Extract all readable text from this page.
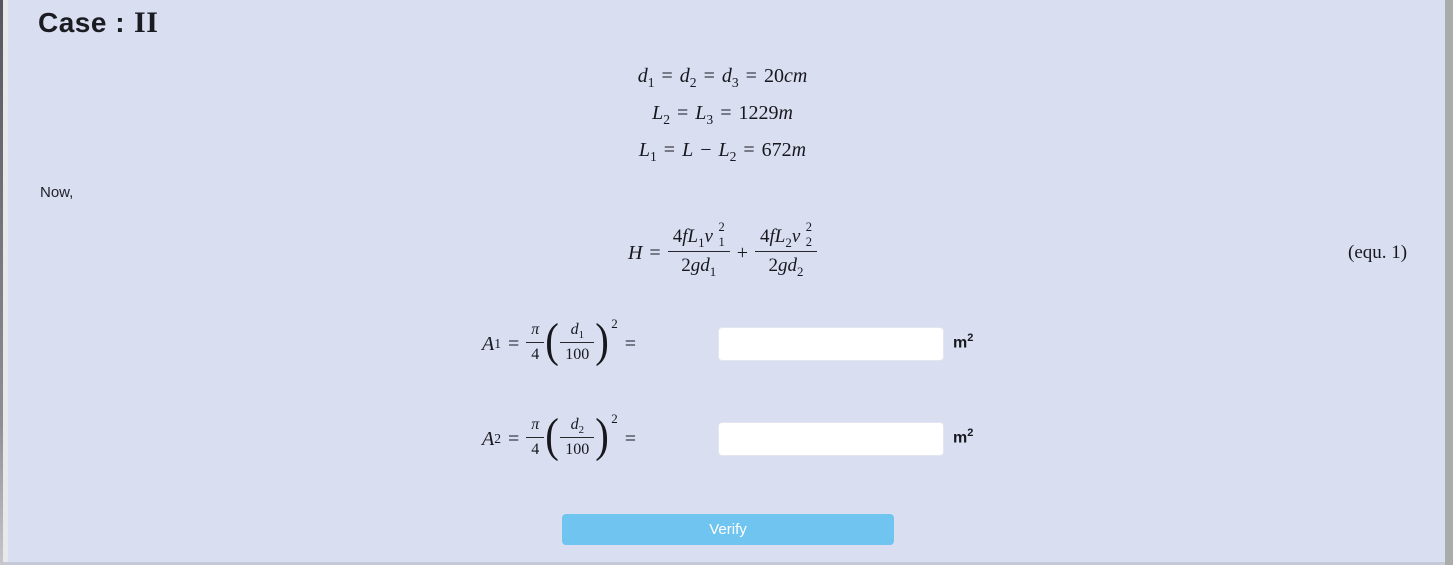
Case : II
$d_1 = d_2 = d_3 = 20cm$
$L_2 = L_3 = 1229m$
$L_1 = L - L_2 = 672m$
Now,
$H = 4fL_1v$ 2
1
$2gd_1 + 4fL_2v$ 2
2
$2gd_2$	(equ. 1)
A $1 = \frac{\pi}{4}$ ( $\frac{d_1}{100}$ ) 2
=	$m^2$
A $2 = \frac{\pi}{4}$ ( $\frac{d_2}{100}$ ) 2
=	$m^2$
Verify
